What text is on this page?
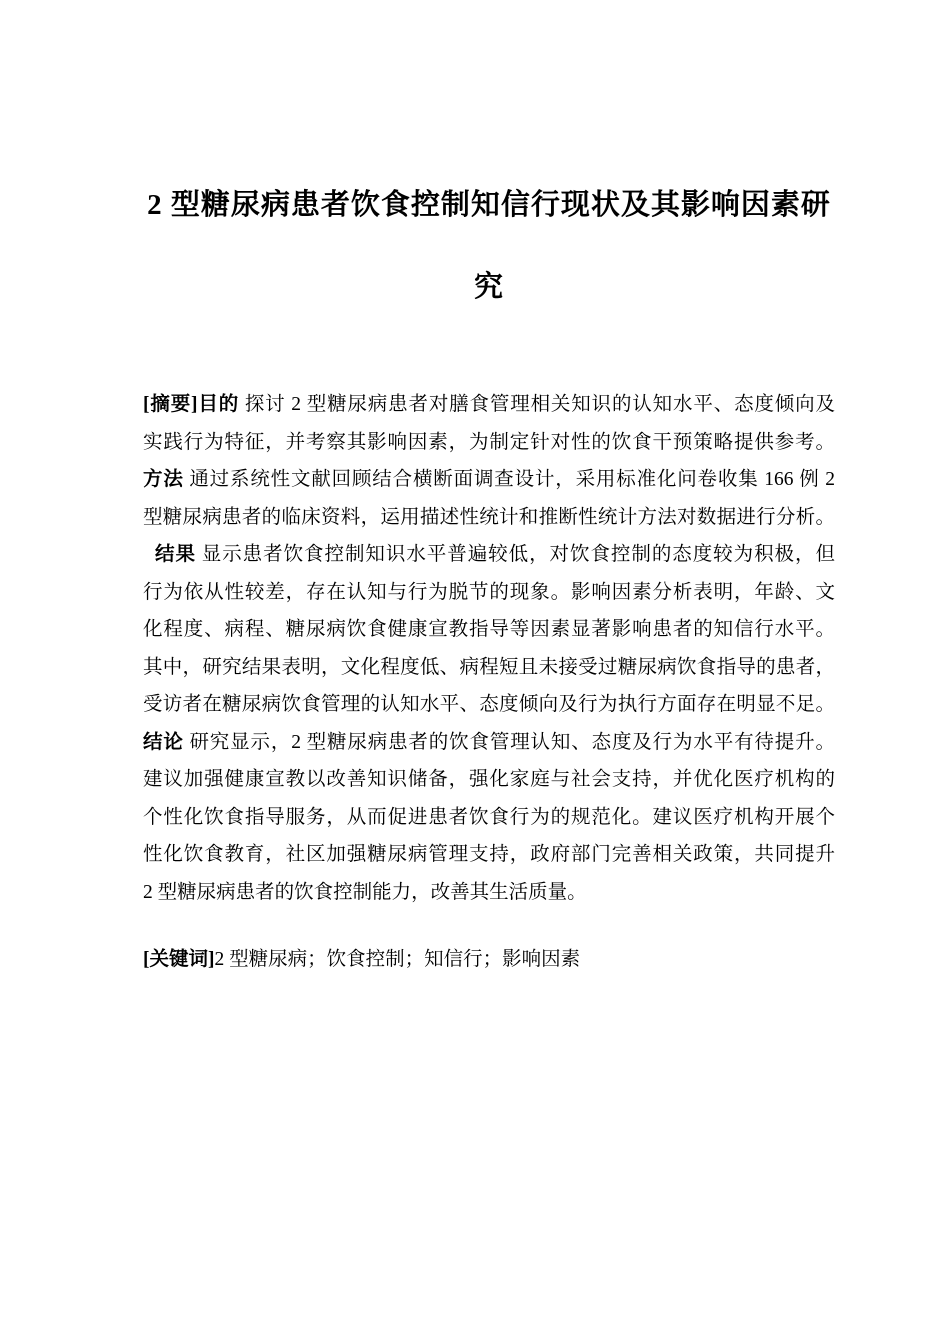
2 型糖尿病患者饮食控制知信行现状及其影响因素研
究
[摘要]目的 探讨 2 型糖尿病患者对膳食管理相关知识的认知水平、态度倾向及
实践行为特征，并考察其影响因素，为制定针对性的饮食干预策略提供参考。
方法 通过系统性文献回顾结合横断面调查设计，采用标准化问卷收集 166 例 2
型糖尿病患者的临床资料，运用描述性统计和推断性统计方法对数据进行分析。
结果 显示患者饮食控制知识水平普遍较低，对饮食控制的态度较为积极，但
行为依从性较差，存在认知与行为脱节的现象。影响因素分析表明，年龄、文
化程度、病程、糖尿病饮食健康宣教指导等因素显著影响患者的知信行水平。
其中，研究结果表明，文化程度低、病程短且未接受过糖尿病饮食指导的患者，
受访者在糖尿病饮食管理的认知水平、态度倾向及行为执行方面存在明显不足。
结论 研究显示，2 型糖尿病患者的饮食管理认知、态度及行为水平有待提升。
建议加强健康宣教以改善知识储备，强化家庭与社会支持，并优化医疗机构的
个性化饮食指导服务，从而促进患者饮食行为的规范化。建议医疗机构开展个
性化饮食教育，社区加强糖尿病管理支持，政府部门完善相关政策，共同提升
2 型糖尿病患者的饮食控制能力，改善其生活质量。
[关键词]2 型糖尿病；饮食控制；知信行；影响因素
